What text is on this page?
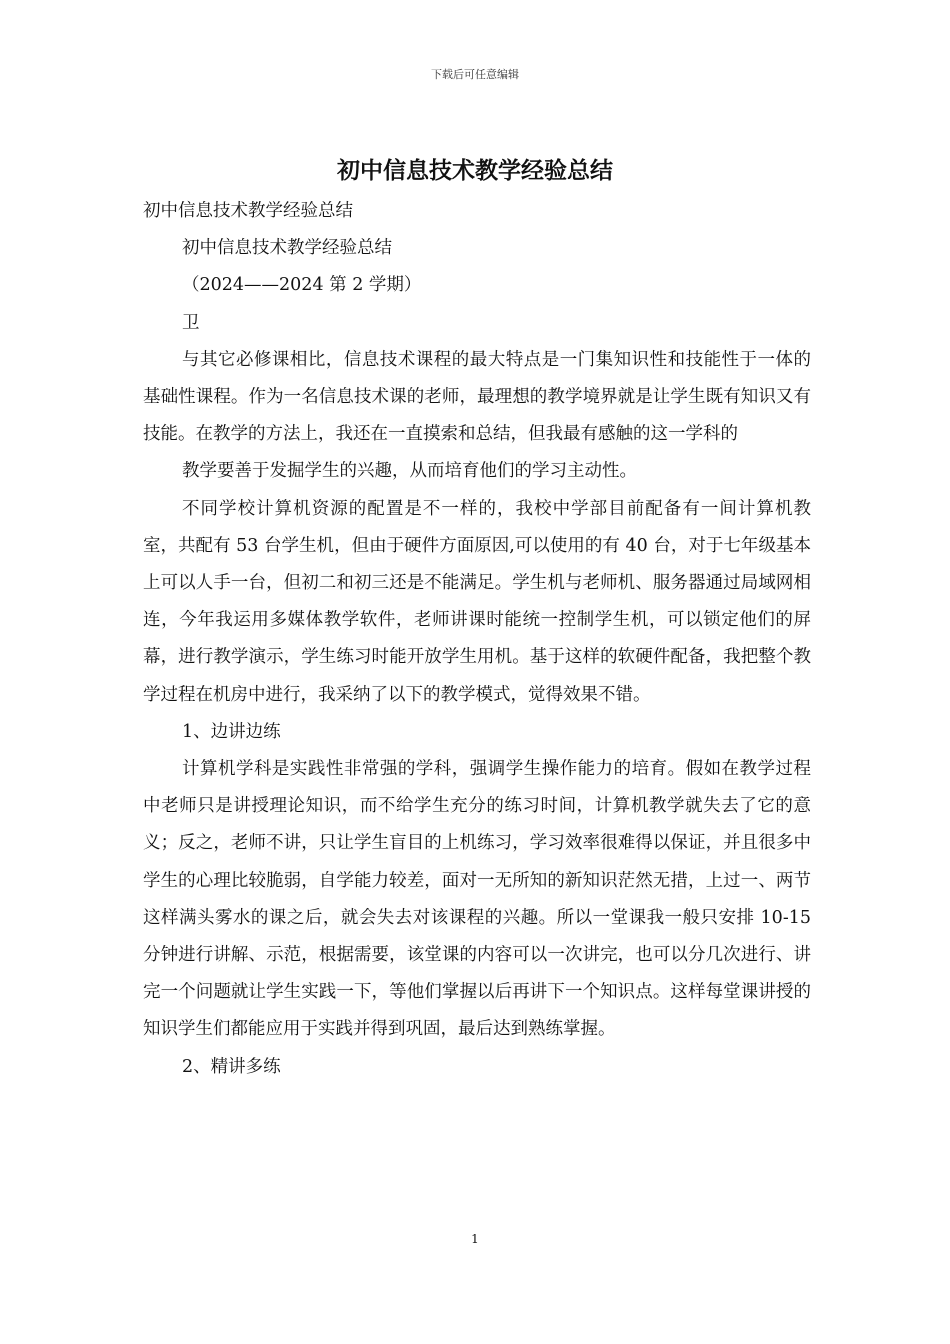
下载后可任意编辑
初中信息技术教学经验总结

初中信息技术教学经验总结

初中信息技术教学经验总结

（2024——2024 第 2 学期）

卫

与其它必修课相比，信息技术课程的最大特点是一门集知识性和技能性于一体的基础性课程。作为一名信息技术课的老师，最理想的教学境界就是让学生既有知识又有技能。在教学的方法上，我还在一直摸索和总结，但我最有感触的这一学科的

教学要善于发掘学生的兴趣，从而培育他们的学习主动性。

不同学校计算机资源的配置是不一样的，我校中学部目前配备有一间计算机教室，共配有 53 台学生机，但由于硬件方面原因,可以使用的有 40 台，对于七年级基本上可以人手一台，但初二和初三还是不能满足。学生机与老师机、服务器通过局域网相连，今年我运用多媒体教学软件，老师讲课时能统一控制学生机，可以锁定他们的屏幕，进行教学演示，学生练习时能开放学生用机。基于这样的软硬件配备，我把整个教学过程在机房中进行，我采纳了以下的教学模式，觉得效果不错。

1、边讲边练

计算机学科是实践性非常强的学科，强调学生操作能力的培育。假如在教学过程中老师只是讲授理论知识，而不给学生充分的练习时间，计算机教学就失去了它的意义；反之，老师不讲，只让学生盲目的上机练习，学习效率很难得以保证，并且很多中学生的心理比较脆弱，自学能力较差，面对一无所知的新知识茫然无措，上过一、两节这样满头雾水的课之后，就会失去对该课程的兴趣。所以一堂课我一般只安排 10-15 分钟进行讲解、示范，根据需要，该堂课的内容可以一次讲完，也可以分几次进行、讲完一个问题就让学生实践一下，等他们掌握以后再讲下一个知识点。这样每堂课讲授的知识学生们都能应用于实践并得到巩固，最后达到熟练掌握。

2、精讲多练

1
